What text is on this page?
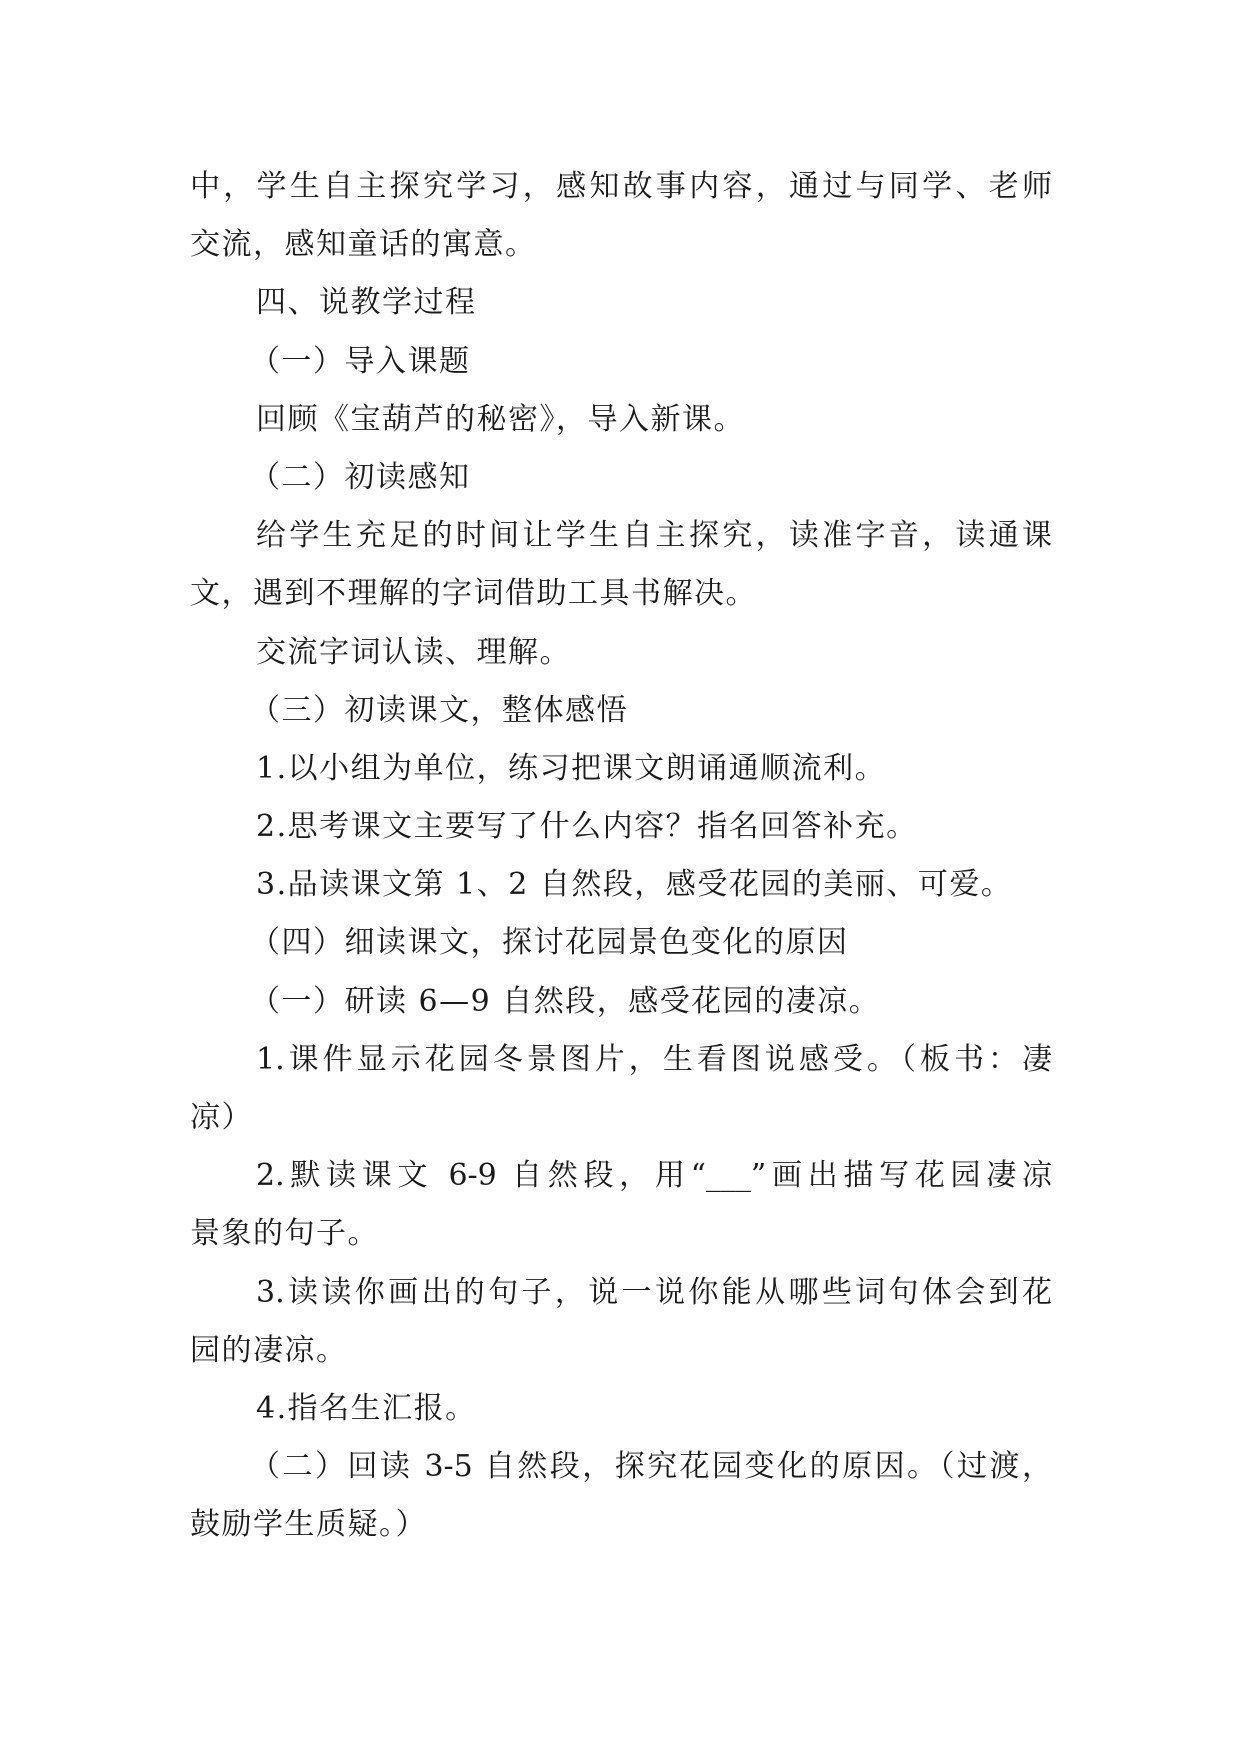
中，学生自主探究学习，感知故事内容，通过与同学、老师
交流，感知童话的寓意。
四、说教学过程
（一）导入课题
回顾《宝葫芦的秘密》，导入新课。
（二）初读感知
给学生充足的时间让学生自主探究，读准字音，读通课
文，遇到不理解的字词借助工具书解决。
交流字词认读、理解。
（三）初读课文，整体感悟
1.以小组为单位，练习把课文朗诵通顺流利。
2.思考课文主要写了什么内容？指名回答补充。
3.品读课文第 1、2 自然段，感受花园的美丽、可爱。
（四）细读课文，探讨花园景色变化的原因
（一）研读 6—9 自然段，感受花园的凄凉。
1.课件显示花园冬景图片，生看图说感受。（板书：凄
凉）
2.默读课文 6-9 自然段，用“___”画出描写花园凄凉
景象的句子。
3.读读你画出的句子，说一说你能从哪些词句体会到花
园的凄凉。
4.指名生汇报。
（二）回读 3-5 自然段，探究花园变化的原因。（过渡，
鼓励学生质疑。）
